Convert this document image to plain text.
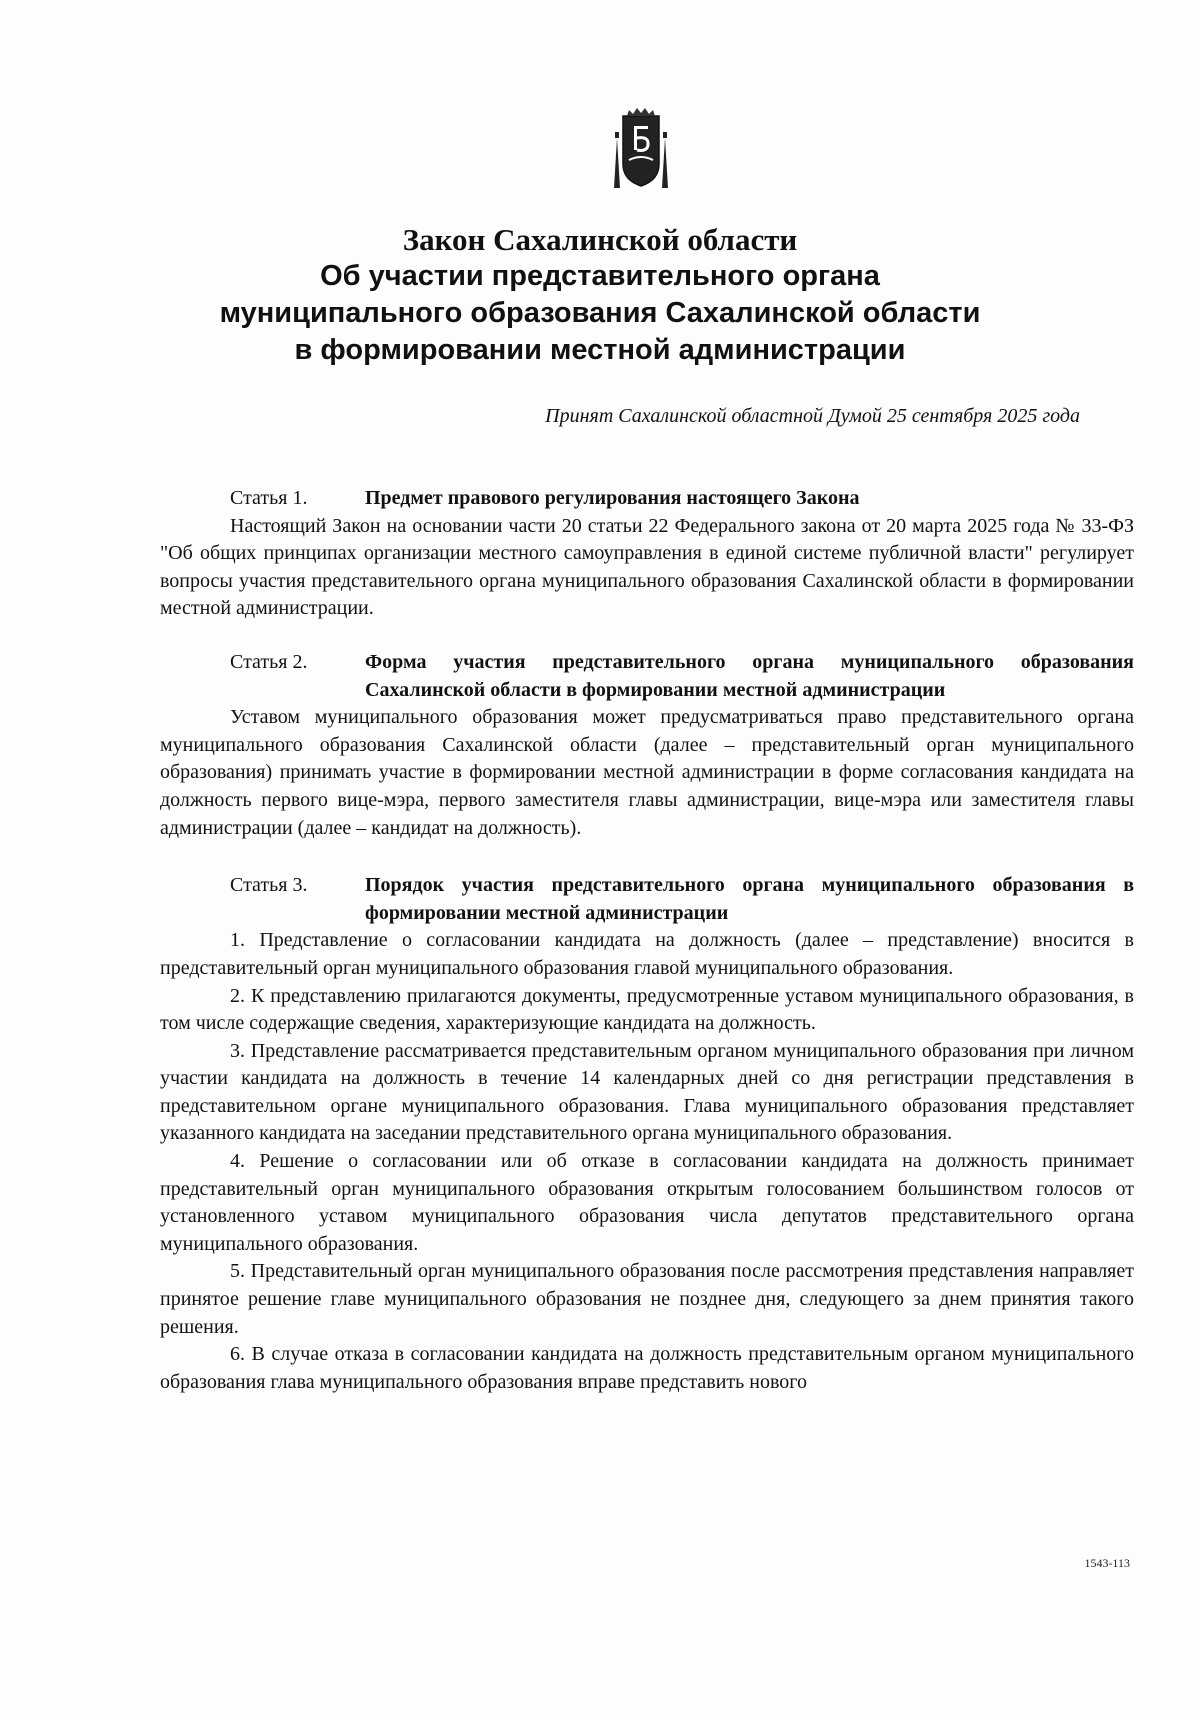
Закон Сахалинской области

Об участии представительного органа

муниципального образования Сахалинской области

в формировании местной администрации

Принят Сахалинской областной Думой 25 сентября 2025 года
Статья 1.	Предмет правового регулирования настоящего Закона

Настоящий Закон на основании части 20 статьи 22 Федерального закона от 20 марта 2025 года № 33-ФЗ "Об общих принципах организации местного самоуправления в единой системе публичной власти" регулирует вопросы участия представительного органа муниципального образования Сахалинской области в формировании местной администрации.

Статья 2.	Форма участия представительного органа муниципального образования Сахалинской области в формировании местной администрации

Уставом муниципального образования может предусматриваться право представительного органа муниципального образования Сахалинской области (далее – представительный орган муниципального образования) принимать участие в формировании местной администрации в форме согласования кандидата на должность первого вице-мэра, первого заместителя главы администрации, вице-мэра или заместителя главы администрации (далее – кандидат на должность).

Статья 3.	Порядок участия представительного органа муниципального образования в формировании местной администрации

1. Представление о согласовании кандидата на должность (далее – представление) вносится в представительный орган муниципального образования главой муниципального образования.

2. К представлению прилагаются документы, предусмотренные уставом муниципального образования, в том числе содержащие сведения, характеризующие кандидата на должность.

3. Представление рассматривается представительным органом муниципального образования при личном участии кандидата на должность в течение 14 календарных дней со дня регистрации представления в представительном органе муниципального образования. Глава муниципального образования представляет указанного кандидата на заседании представительного органа муниципального образования.

4. Решение о согласовании или об отказе в согласовании кандидата на должность принимает представительный орган муниципального образования открытым голосованием большинством голосов от установленного уставом муниципального образования числа депутатов представительного органа муниципального образования.

5. Представительный орган муниципального образования после рассмотрения представления направляет принятое решение главе муниципального образования не позднее дня, следующего за днем принятия такого решения.

6. В случае отказа в согласовании кандидата на должность представительным органом муниципального образования глава муниципального образования вправе представить нового

1543-113
